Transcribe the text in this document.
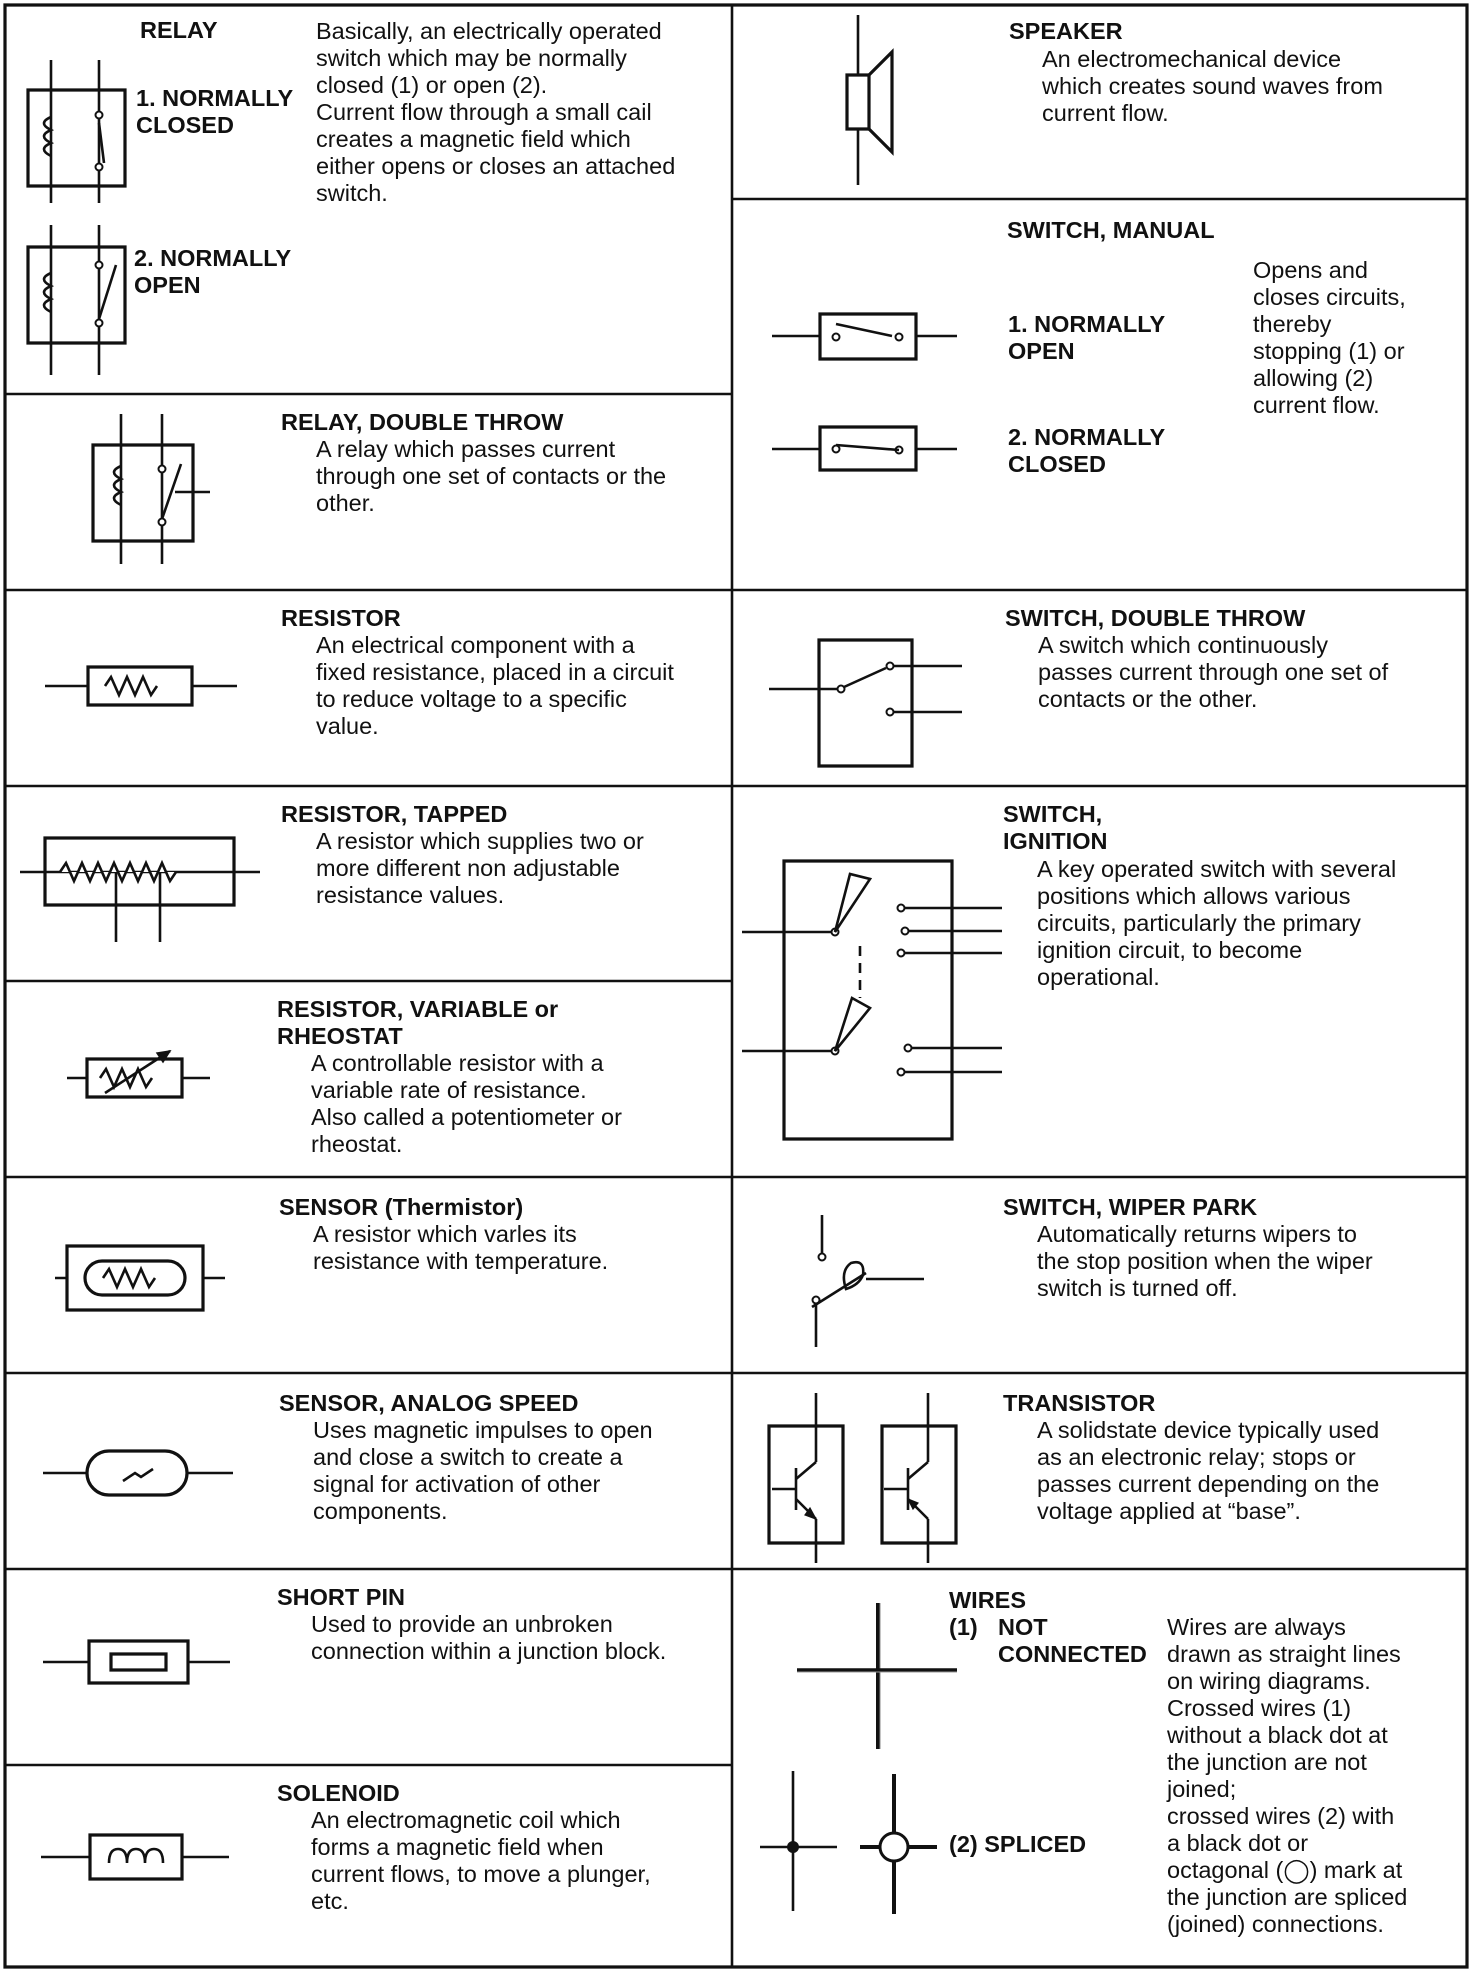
RELAY	Basically, an electrically operated
switch which may be normally
closed (1) or open (2).
Current flow through a small cail
creates a magnetic field which
either opens or closes an attached
switch.
1. NORMALLY
CLOSED
2. NORMALLY
OPEN
RELAY, DOUBLE THROW
A relay which passes current
through one set of contacts or the
other.
RESISTOR
An electrical component with a
fixed resistance, placed in a circuit
to reduce voltage to a specific
value.
RESISTOR, TAPPED
A resistor which supplies two or
more different non adjustable
resistance values.
RESISTOR, VARIABLE or
RHEOSTAT
A controllable resistor with a
variable rate of resistance.
Also called a potentiometer or
rheostat.
SENSOR (Thermistor)
A resistor which varles its
resistance with temperature.
SENSOR, ANALOG SPEED
Uses magnetic impulses to open
and close a switch to create a
signal for activation of other
components.
SHORT PIN
Used to provide an unbroken
connection within a junction block.
SOLENOID
An electromagnetic coil which
forms a magnetic field when
current flows, to move a plunger,
etc.
SPEAKER
An electromechanical device
which creates sound waves from
current flow.
SWITCH, MANUAL
1. NORMALLY
OPEN
2. NORMALLY
CLOSED
Opens and
closes circuits,
thereby
stopping (1) or
allowing (2)
current flow.
SWITCH, DOUBLE THROW
A switch which continuously
passes current through one set of
contacts or the other.
SWITCH,
IGNITION
A key operated switch with several
positions which allows various
circuits, particularly the primary
ignition circuit, to become
operational.
SWITCH, WIPER PARK
Automatically returns wipers to
the stop position when the wiper
switch is turned off.
TRANSISTOR
A solidstate device typically used
as an electronic relay; stops or
passes current depending on the
voltage applied at “base”.
WIRES
(1) NOT
CONNECTED
(2) SPLICED
Wires are always
drawn as straight lines
on wiring diagrams.
Crossed wires (1)
without a black dot at
the junction are not
joined;
crossed wires (2) with
a black dot or
octagonal (◯) mark at
the junction are spliced
(joined) connections.
